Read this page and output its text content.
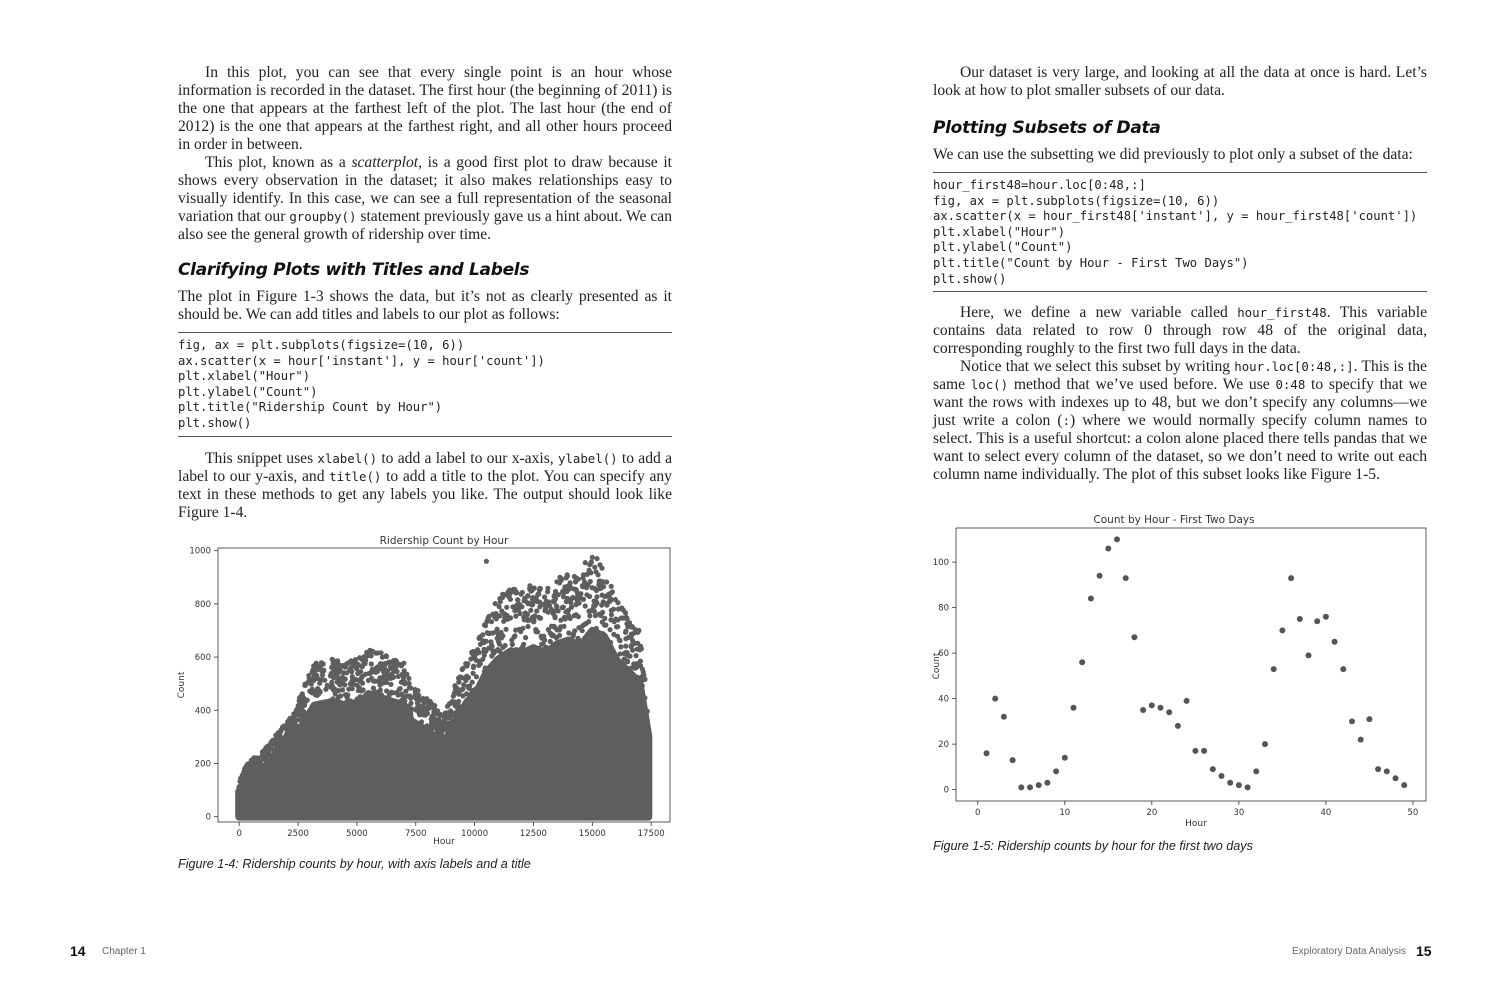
In this plot, you can see that every single point is an hour whose information is recorded in the dataset. The first hour (the beginning of 2011) is the one that appears at the farthest left of the plot. The last hour (the end of 2012) is the one that appears at the farthest right, and all other hours proceed in order in between.

This plot, known as a scatterplot, is a good first plot to draw because it shows every observation in the dataset; it also makes relationships easy to visually identify. In this case, we can see a full representation of the seasonal variation that our groupby() statement previously gave us a hint about. We can also see the general growth of ridership over time.

Clarifying Plots with Titles and Labels

The plot in Figure 1-3 shows the data, but it’s not as clearly presented as it should be. We can add titles and labels to our plot as follows:

fig, ax = plt.subplots(figsize=(10, 6))
ax.scatter(x = hour['instant'], y = hour['count'])
plt.xlabel("Hour")
plt.ylabel("Count")
plt.title("Ridership Count by Hour")
plt.show()

This snippet uses xlabel() to add a label to our x-axis, ylabel() to add a label to our y-axis, and title() to add a title to the plot. You can specify any text in these methods to get any labels you like. The output should look like Figure 1-4.

Ridership Count by Hour
Hour
Count
0	2500	5000	7500	10000	12500	15000	17500
0
200
400
600
800
1000
Figure 1-4: Ridership counts by hour, with axis labels and a title
14 Chapter 1

Our dataset is very large, and looking at all the data at once is hard. Let’s look at how to plot smaller subsets of our data.

Plotting Subsets of Data

We can use the subsetting we did previously to plot only a subset of the data:

hour_first48=hour.loc[0:48,:]
fig, ax = plt.subplots(figsize=(10, 6))
ax.scatter(x = hour_first48['instant'], y = hour_first48['count'])
plt.xlabel("Hour")
plt.ylabel("Count")
plt.title("Count by Hour - First Two Days")
plt.show()

Here, we define a new variable called hour_first48. This variable contains data related to row 0 through row 48 of the original data, corresponding roughly to the first two full days in the data.

Notice that we select this subset by writing hour.loc[0:48,:]. This is the same loc() method that we’ve used before. We use 0:48 to specify that we want the rows with indexes up to 48, but we don’t specify any columns—we just write a colon (:) where we would normally specify column names to select. This is a useful shortcut: a colon alone placed there tells pandas that we want to select every column of the dataset, so we don’t need to write out each column name individually. The plot of this subset looks like Figure 1-5.

Count by Hour - First Two Days
Hour
Count
0	10	20	30	40	50
0
20
40
60
80
100
Figure 1-5: Ridership counts by hour for the first two days
Exploratory Data Analysis 15
